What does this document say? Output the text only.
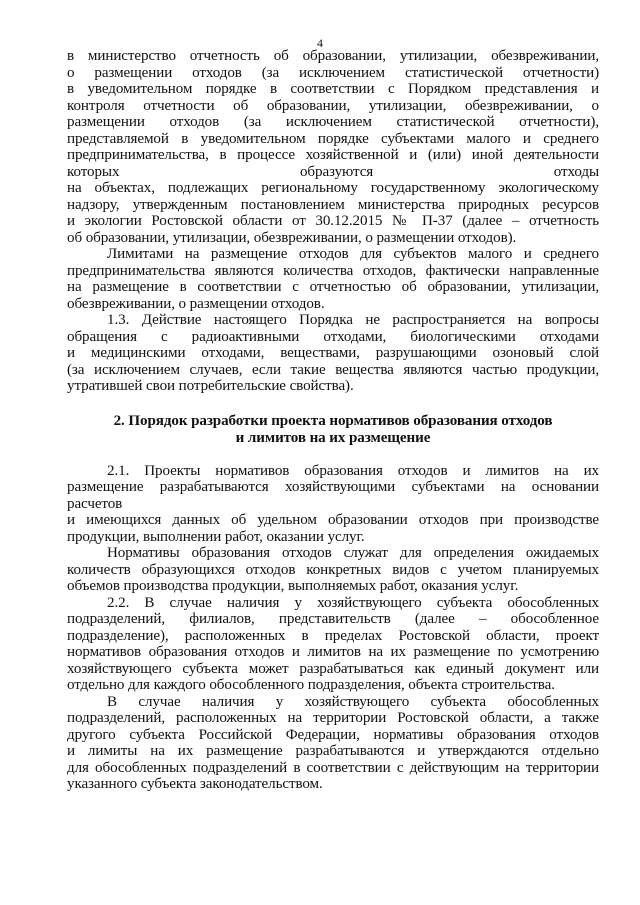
4
в министерство отчетность об образовании, утилизации, обезвреживании,
о размещении отходов (за исключением статистической отчетности)
в уведомительном порядке в соответствии с Порядком представления и
контроля отчетности об образовании, утилизации, обезвреживании, о
размещении отходов (за исключением статистической отчетности),
представляемой в уведомительном порядке субъектами малого и среднего
предпринимательства, в процессе хозяйственной и (или) иной деятельности
которых образуются отходы
на объектах, подлежащих региональному государственному экологическому
надзору, утвержденным постановлением министерства природных ресурсов
и экологии Ростовской области от 30.12.2015 № П-37 (далее – отчетность
об образовании, утилизации, обезвреживании, о размещении отходов).
Лимитами на размещение отходов для субъектов малого и среднего
предпринимательства являются количества отходов, фактически направленные
на размещение в соответствии с отчетностью об образовании, утилизации,
обезвреживании, о размещении отходов.
1.3. Действие настоящего Порядка не распространяется на вопросы
обращения с радиоактивными отходами, биологическими отходами
и медицинскими отходами, веществами, разрушающими озоновый слой
(за исключением случаев, если такие вещества являются частью продукции,
утратившей свои потребительские свойства).
2. Порядок разработки проекта нормативов образования отходов
и лимитов на их размещение
2.1. Проекты нормативов образования отходов и лимитов на их
размещение разрабатываются хозяйствующими субъектами на основании
расчетов
и имеющихся данных об удельном образовании отходов при производстве
продукции, выполнении работ, оказании услуг.
Нормативы образования отходов служат для определения ожидаемых
количеств образующихся отходов конкретных видов с учетом планируемых
объемов производства продукции, выполняемых работ, оказания услуг.
2.2. В случае наличия у хозяйствующего субъекта обособленных
подразделений, филиалов, представительств (далее – обособленное
подразделение), расположенных в пределах Ростовской области, проект
нормативов образования отходов и лимитов на их размещение по усмотрению
хозяйствующего субъекта может разрабатываться как единый документ или
отдельно для каждого обособленного подразделения, объекта строительства.
В случае наличия у хозяйствующего субъекта обособленных
подразделений, расположенных на территории Ростовской области, а также
другого субъекта Российской Федерации, нормативы образования отходов
и лимиты на их размещение разрабатываются и утверждаются отдельно
для обособленных подразделений в соответствии с действующим на территории
указанного субъекта законодательством.
